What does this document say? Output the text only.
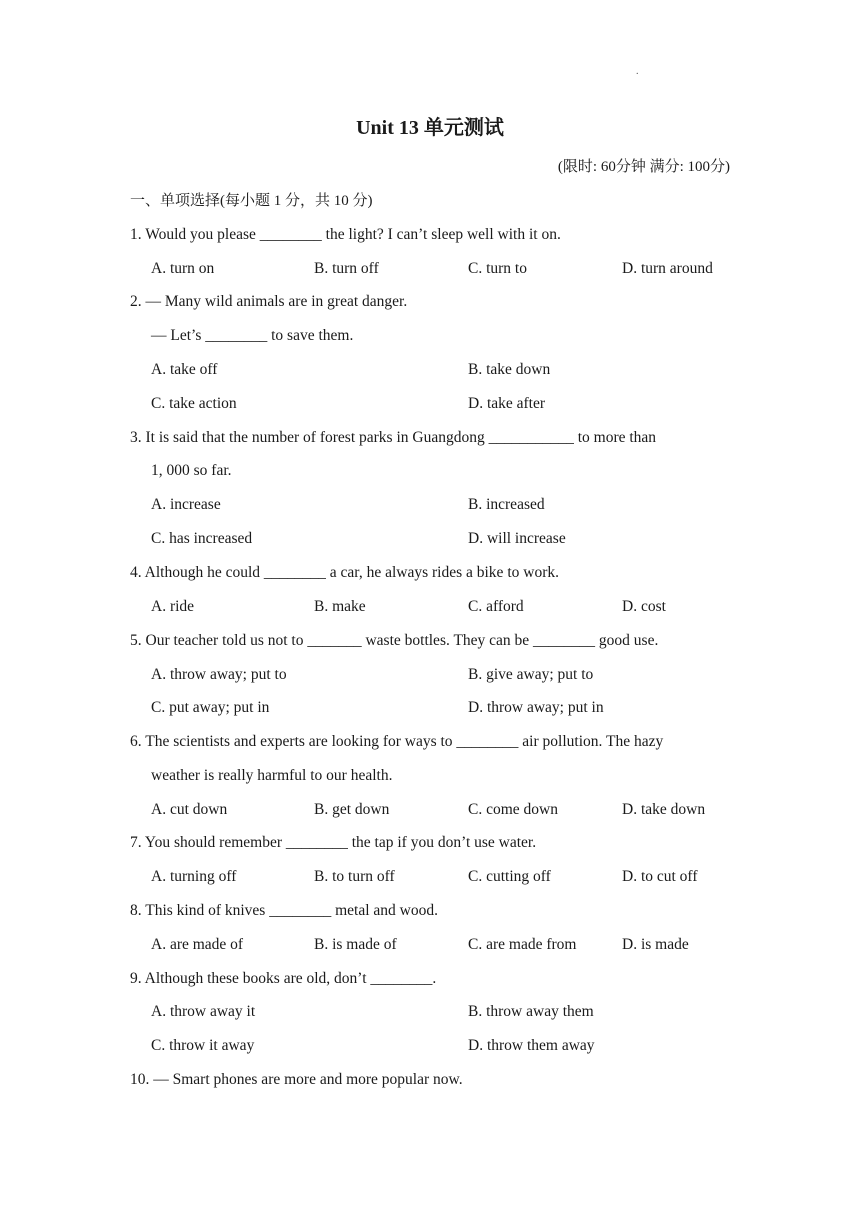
.
Unit 13 单元测试
(限时: 60分钟 满分: 100分)
一、单项选择(每小题 1 分，共 10 分)
1. Would you please ________ the light? I can’t sleep well with it on.
A. turn on	B. turn off	C. turn to	D. turn around
2. — Many wild animals are in great danger.
— Let’s ________ to save them.
A. take off	B. take down
C. take action	D. take after
3. It is said that the number of forest parks in Guangdong ___________ to more than
1, 000 so far.
A. increase	B. increased
C. has increased	D. will increase
4. Although he could ________ a car, he always rides a bike to work.
A. ride	B. make	C. afford	D. cost
5. Our teacher told us not to _______ waste bottles. They can be ________ good use.
A. throw away; put to	B. give away; put to
C. put away; put in	D. throw away; put in
6. The scientists and experts are looking for ways to ________ air pollution. The hazy
weather is really harmful to our health.
A. cut down	B. get down	C. come down	D. take down
7. You should remember ________ the tap if you don’t use water.
A. turning off	B. to turn off	C. cutting off	D. to cut off
8. This kind of knives ________ metal and wood.
A. are made of	B. is made of	C. are made from	D. is made
9. Although these books are old, don’t ________.
A. throw away it	B. throw away them
C. throw it away	D. throw them away
10. — Smart phones are more and more popular now.
